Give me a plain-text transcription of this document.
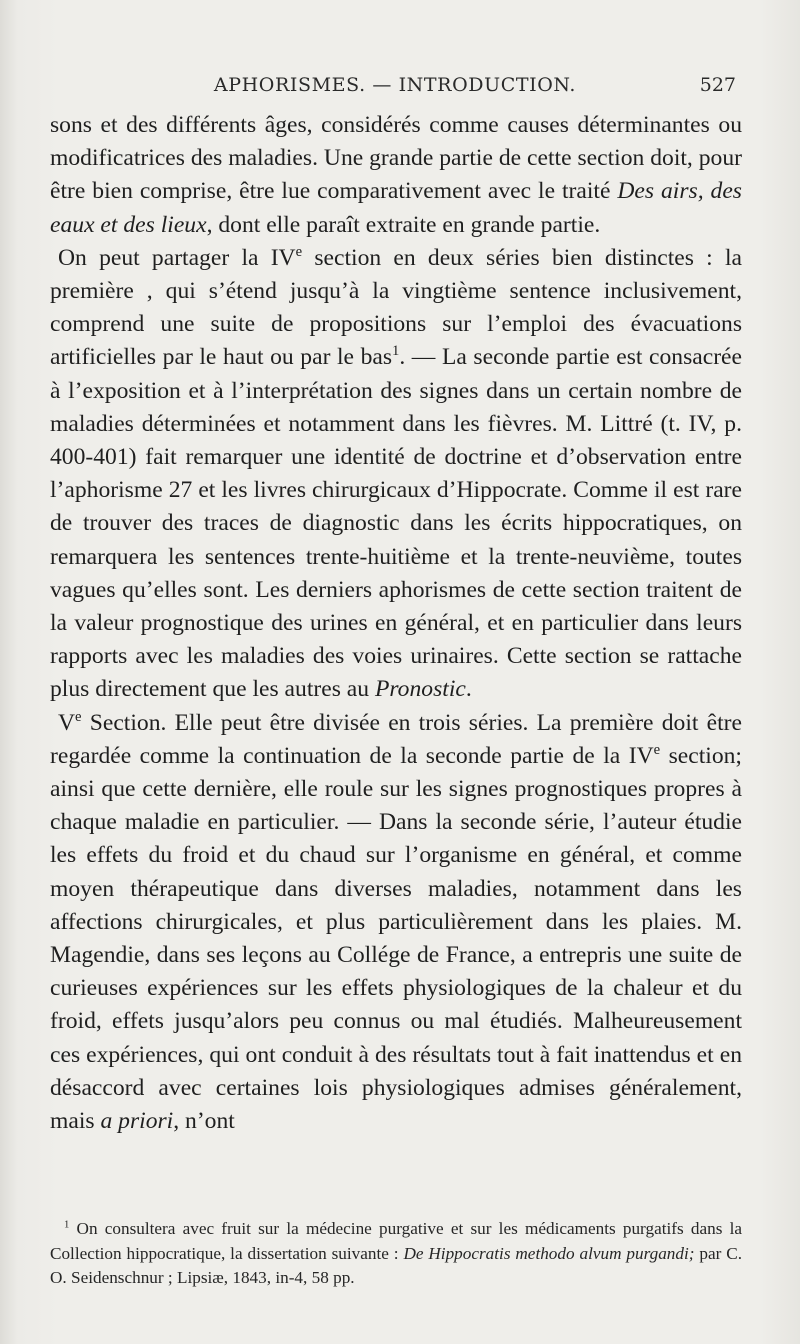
APHORISMES. — INTRODUCTION.	527

sons et des différents âges, considérés comme causes déterminantes ou modificatrices des maladies. Une grande partie de cette section doit, pour être bien comprise, être lue comparativement avec le traité Des airs, des eaux et des lieux, dont elle paraît extraite en grande partie.

On peut partager la IVe section en deux séries bien distinctes : la première , qui s’étend jusqu’à la vingtième sentence inclusivement, comprend une suite de propositions sur l’emploi des évacuations artificielles par le haut ou par le bas$^1$. — La seconde partie est consacrée à l’exposition et à l’interprétation des signes dans un certain nombre de maladies déterminées et notamment dans les fièvres. M. Littré (t. IV, p. 400-401) fait remarquer une identité de doctrine et d’observation entre l’aphorisme 27 et les livres chirurgicaux d’Hippocrate. Comme il est rare de trouver des traces de diagnostic dans les écrits hippocratiques, on remarquera les sentences trente-huitième et la trente-neuvième, toutes vagues qu’elles sont. Les derniers aphorismes de cette section traitent de la valeur prognostique des urines en général, et en particulier dans leurs rapports avec les maladies des voies urinaires. Cette section se rattache plus directement que les autres au Pronostic.

Ve Section. Elle peut être divisée en trois séries. La première doit être regardée comme la continuation de la seconde partie de la IVe section; ainsi que cette dernière, elle roule sur les signes prognostiques propres à chaque maladie en particulier. — Dans la seconde série, l’auteur étudie les effets du froid et du chaud sur l’organisme en général, et comme moyen thérapeutique dans diverses maladies, notamment dans les affections chirurgicales, et plus particulièrement dans les plaies. M. Magendie, dans ses leçons au Collége de France, a entrepris une suite de curieuses expériences sur les effets physiologiques de la chaleur et du froid, effets jusqu’alors peu connus ou mal étudiés. Malheureusement ces expériences, qui ont conduit à des résultats tout à fait inattendus et en désaccord avec certaines lois physiologiques admises généralement, mais a priori, n’ont

$^1$ On consultera avec fruit sur la médecine purgative et sur les médicaments purgatifs dans la Collection hippocratique, la dissertation suivante : De Hippocratis methodo alvum purgandi; par C. O. Seidenschnur ; Lipsiæ, 1843, in-4, 58 pp.
